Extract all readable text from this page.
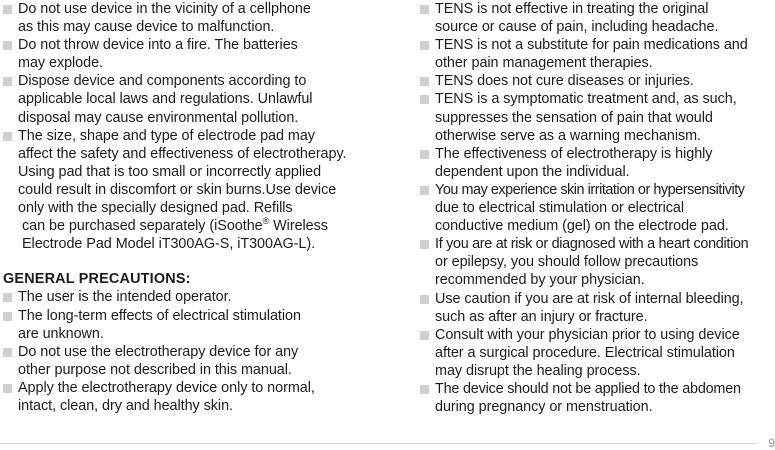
Do not use device in the vicinity of a cellphone
as this may cause device to malfunction.
Do not throw device into a fire. The batteries
may explode.
Dispose device and components according to
applicable local laws and regulations. Unlawful
disposal may cause environmental pollution.
The size, shape and type of electrode pad may
affect the safety and effectiveness of electrotherapy.
Using pad that is too small or incorrectly applied
could result in discomfort or skin burns.Use device
only with the specially designed pad. Refills
can be purchased separately (iSoothe® Wireless
Electrode Pad Model iT300AG-S, iT300AG-L).
GENERAL PRECAUTIONS:
The user is the intended operator.
The long-term effects of electrical stimulation
are unknown.
Do not use the electrotherapy device for any
other purpose not described in this manual.
Apply the electrotherapy device only to normal,
intact, clean, dry and healthy skin.
TENS is not effective in treating the original
source or cause of pain, including headache.
TENS is not a substitute for pain medications and
other pain management therapies.
TENS does not cure diseases or injuries.
TENS is a symptomatic treatment and, as such,
suppresses the sensation of pain that would
otherwise serve as a warning mechanism.
The effectiveness of electrotherapy is highly
dependent upon the individual.
You may experience skin irritation or hypersensitivity
due to electrical stimulation or electrical
conductive medium (gel) on the electrode pad.
If you are at risk or diagnosed with a heart condition
or epilepsy, you should follow precautions
recommended by your physician.
Use caution if you are at risk of internal bleeding,
such as after an injury or fracture.
Consult with your physician prior to using device
after a surgical procedure. Electrical stimulation
may disrupt the healing process.
The device should not be applied to the abdomen
during pregnancy or menstruation.
9
